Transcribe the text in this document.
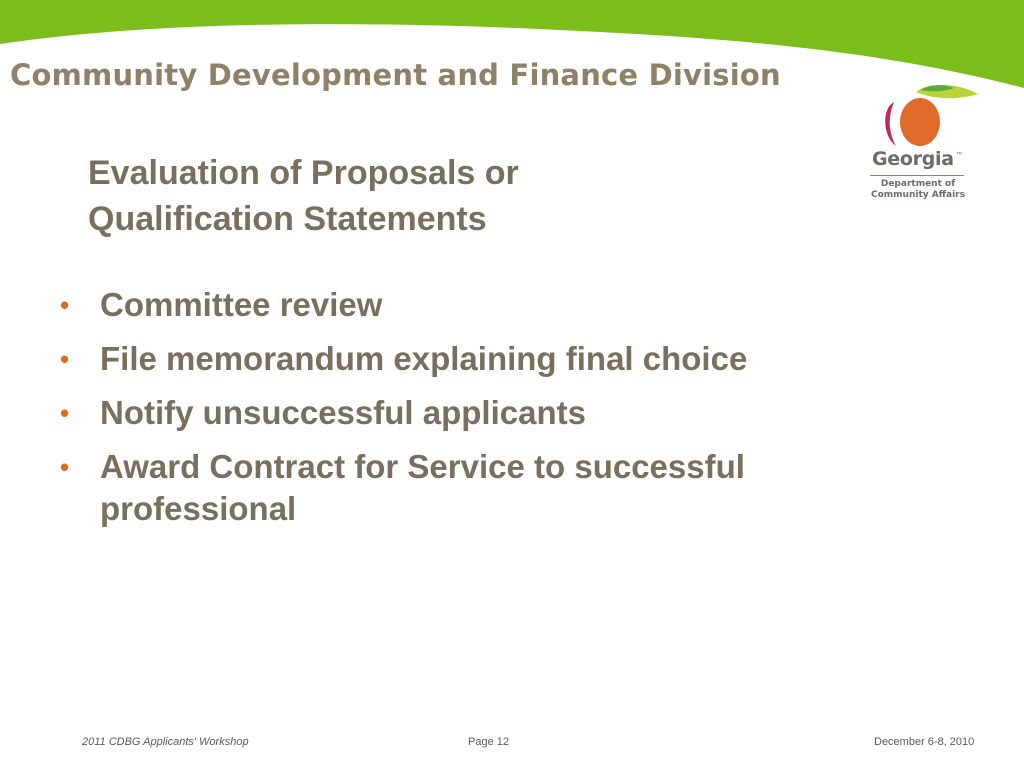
Community Development and Finance Division
Georgia ™
Department of
Community Affairs
Evaluation of Proposals or
Qualification Statements
• Committee review
• File memorandum explaining final choice
• Notify unsuccessful applicants
• Award Contract for Service to successful professional
2011 CDBG Applicants' Workshop	Page 12	December 6-8, 2010
